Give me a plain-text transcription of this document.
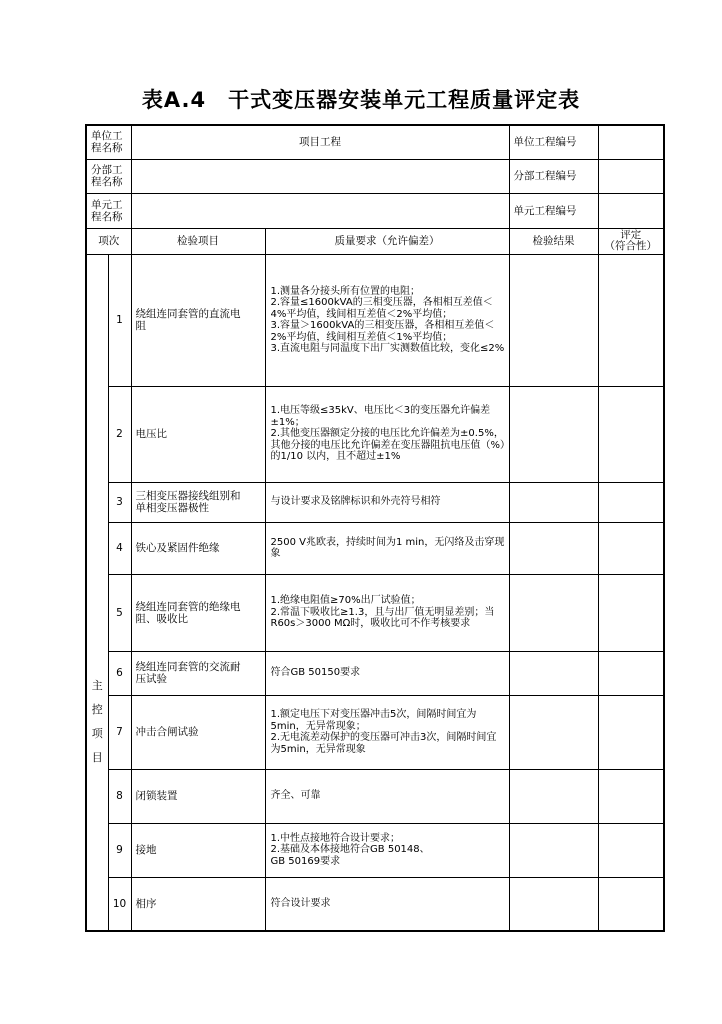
表A.4　干式变压器安装单元工程质量评定表
单位工程名称		项目工程		单位工程编号	
分部工程名称				分部工程编号	
单元工程名称				单元工程编号	
项次		检验项目	质量要求（允许偏差）	检验结果	评定
（符合性）

主
控
项
目	1	绕组连同套管的直流电阻	1.测量各分接头所有位置的电阻；
2.容量≤1600kVA的三相变压器，各相相互差值＜4%平均值，线间相互差值＜2%平均值；
3.容量＞1600kVA的三相变压器，各相相互差值＜2%平均值，线间相互差值＜1%平均值；
3.直流电阻与同温度下出厂实测数值比较，变化≤2%		
	2	电压比	1.电压等级≤35kV、电压比＜3的变压器允许偏差±1%；
2.其他变压器额定分接的电压比允许偏差为±0.5%，其他分接的电压比允许偏差在变压器阻抗电压值（%）的1/10 以内，且不超过±1%		
	3	三相变压器接线组别和单相变压器极性	与设计要求及铭牌标识和外壳符号相符		
	4	铁心及紧固件绝缘	2500 V兆欧表，持续时间为1 min，无闪络及击穿现象		
	5	绕组连同套管的绝缘电阻、吸收比	1.绝缘电阻值≥70%出厂试验值；
2.常温下吸收比≥1.3，且与出厂值无明显差别；当R60s＞3000 MΩ时，吸收比可不作考核要求		
	6	绕组连同套管的交流耐压试验	符合GB 50150要求		
	7	冲击合闸试验	1.额定电压下对变压器冲击5次，间隔时间宜为5min，无异常现象；
2.无电流差动保护的变压器可冲击3次，间隔时间宜为5min，无异常现象		
	8	闭锁装置	齐全、可靠		
	9	接地	1.中性点接地符合设计要求；
2.基础及本体接地符合GB 50148、
GB 50169要求		
	10	相序	符合设计要求		
